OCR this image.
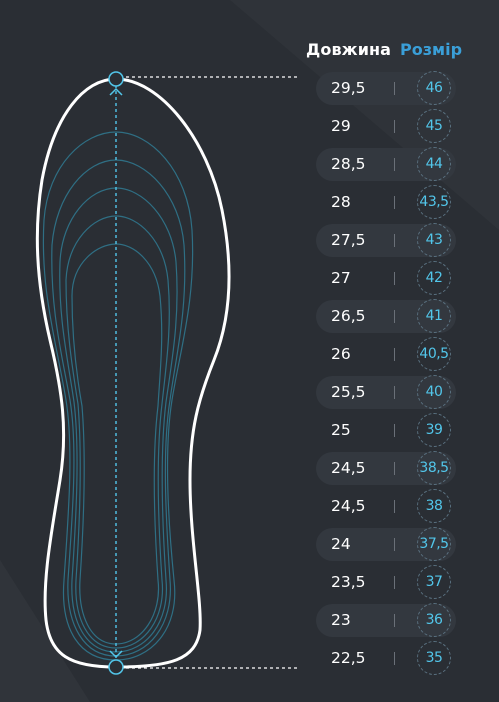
Довжина Розмір
29,5	46
29	45
28,5	44
28	43,5
27,5	43
27	42
26,5	41
26	40,5
25,5	40
25	39
24,5	38,5
24,5	38
24	37,5
23,5	37
23	36
22,5	35
